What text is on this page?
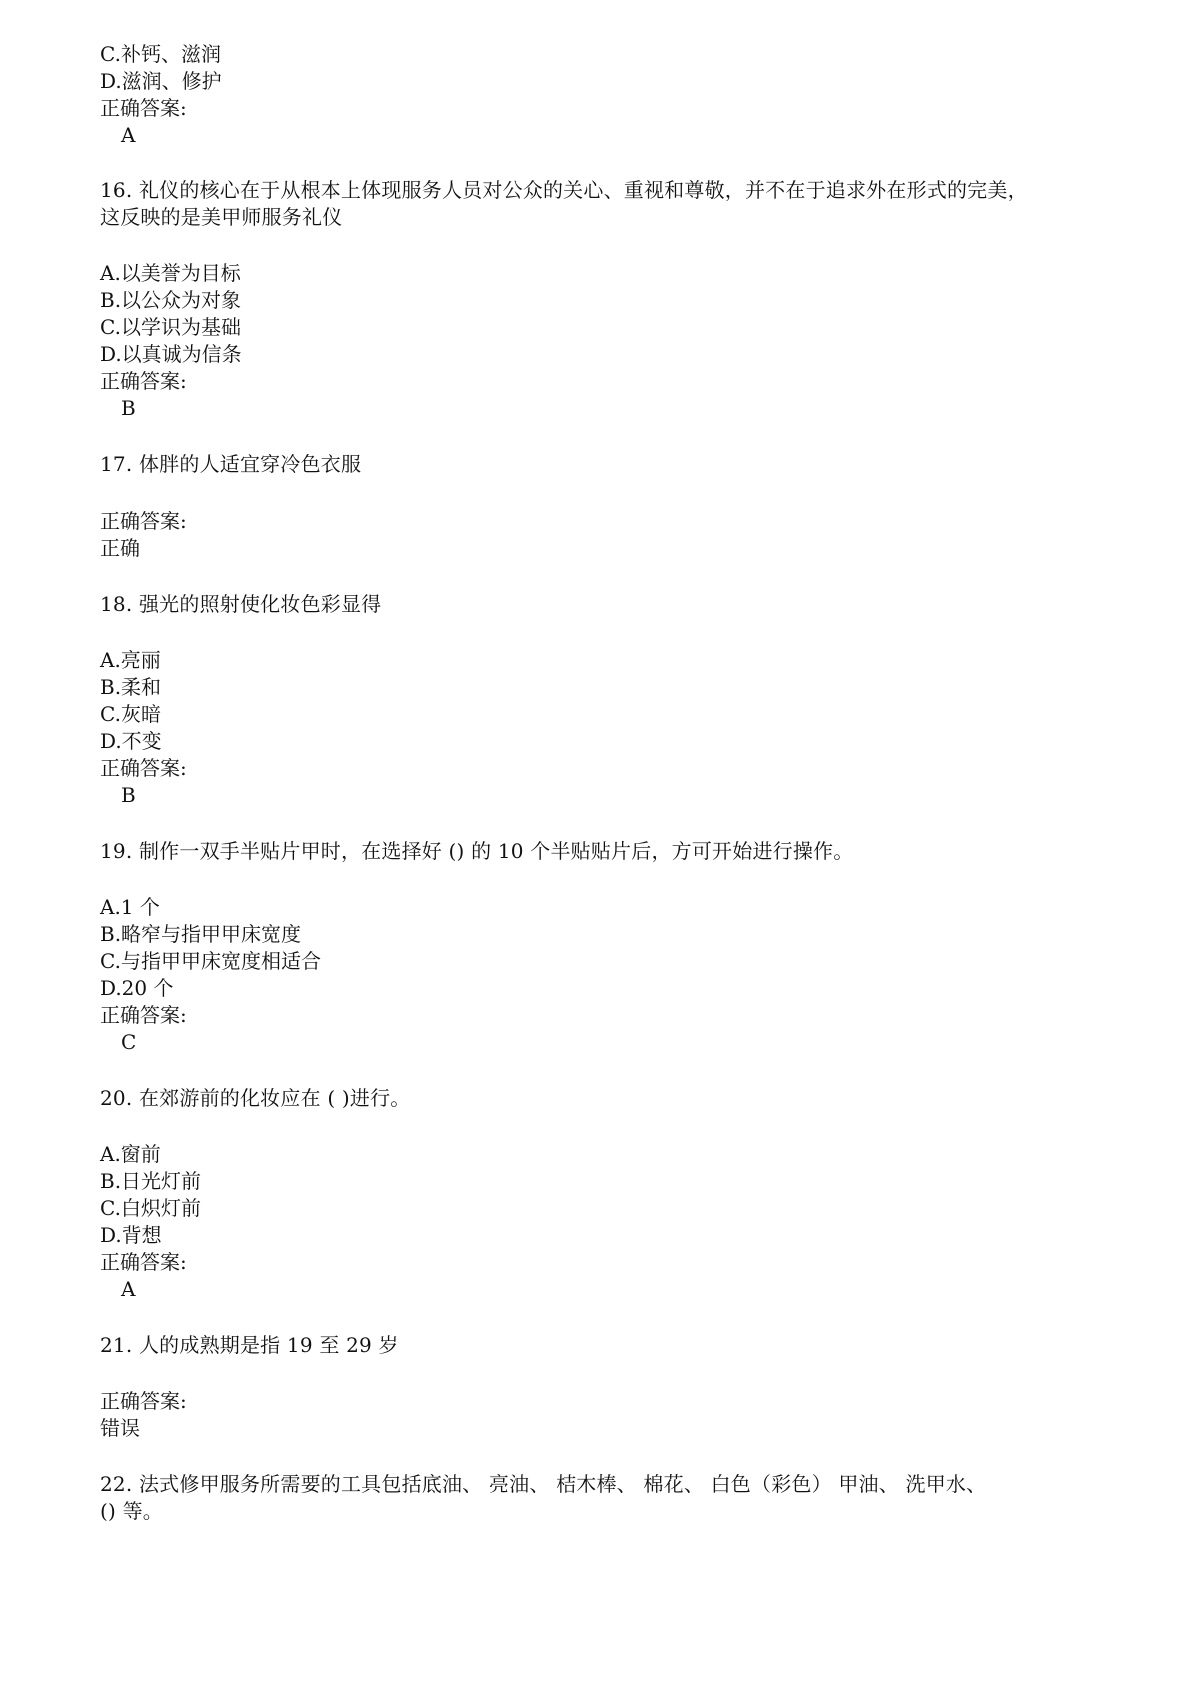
C.补钙、滋润
D.滋润、修护
正确答案:
A
16. 礼仪的核心在于从根本上体现服务人员对公众的关心、重视和尊敬，并不在于追求外在形式的完美，
这反映的是美甲师服务礼仪
A.以美誉为目标
B.以公众为对象
C.以学识为基础
D.以真诚为信条
正确答案:
B
17. 体胖的人适宜穿冷色衣服
正确答案:
正确
18. 强光的照射使化妆色彩显得
A.亮丽
B.柔和
C.灰暗
D.不变
正确答案:
B
19. 制作一双手半贴片甲时，在选择好 () 的 10 个半贴贴片后，方可开始进行操作。
A.1 个
B.略窄与指甲甲床宽度
C.与指甲甲床宽度相适合
D.20 个
正确答案:
C
20. 在郊游前的化妆应在 ( )进行。
A.窗前
B.日光灯前
C.白炽灯前
D.背想
正确答案:
A
21. 人的成熟期是指 19 至 29 岁
正确答案:
错误
22. 法式修甲服务所需要的工具包括底油、 亮油、 桔木棒、 棉花、 白色（彩色） 甲油、 洗甲水、
() 等。
